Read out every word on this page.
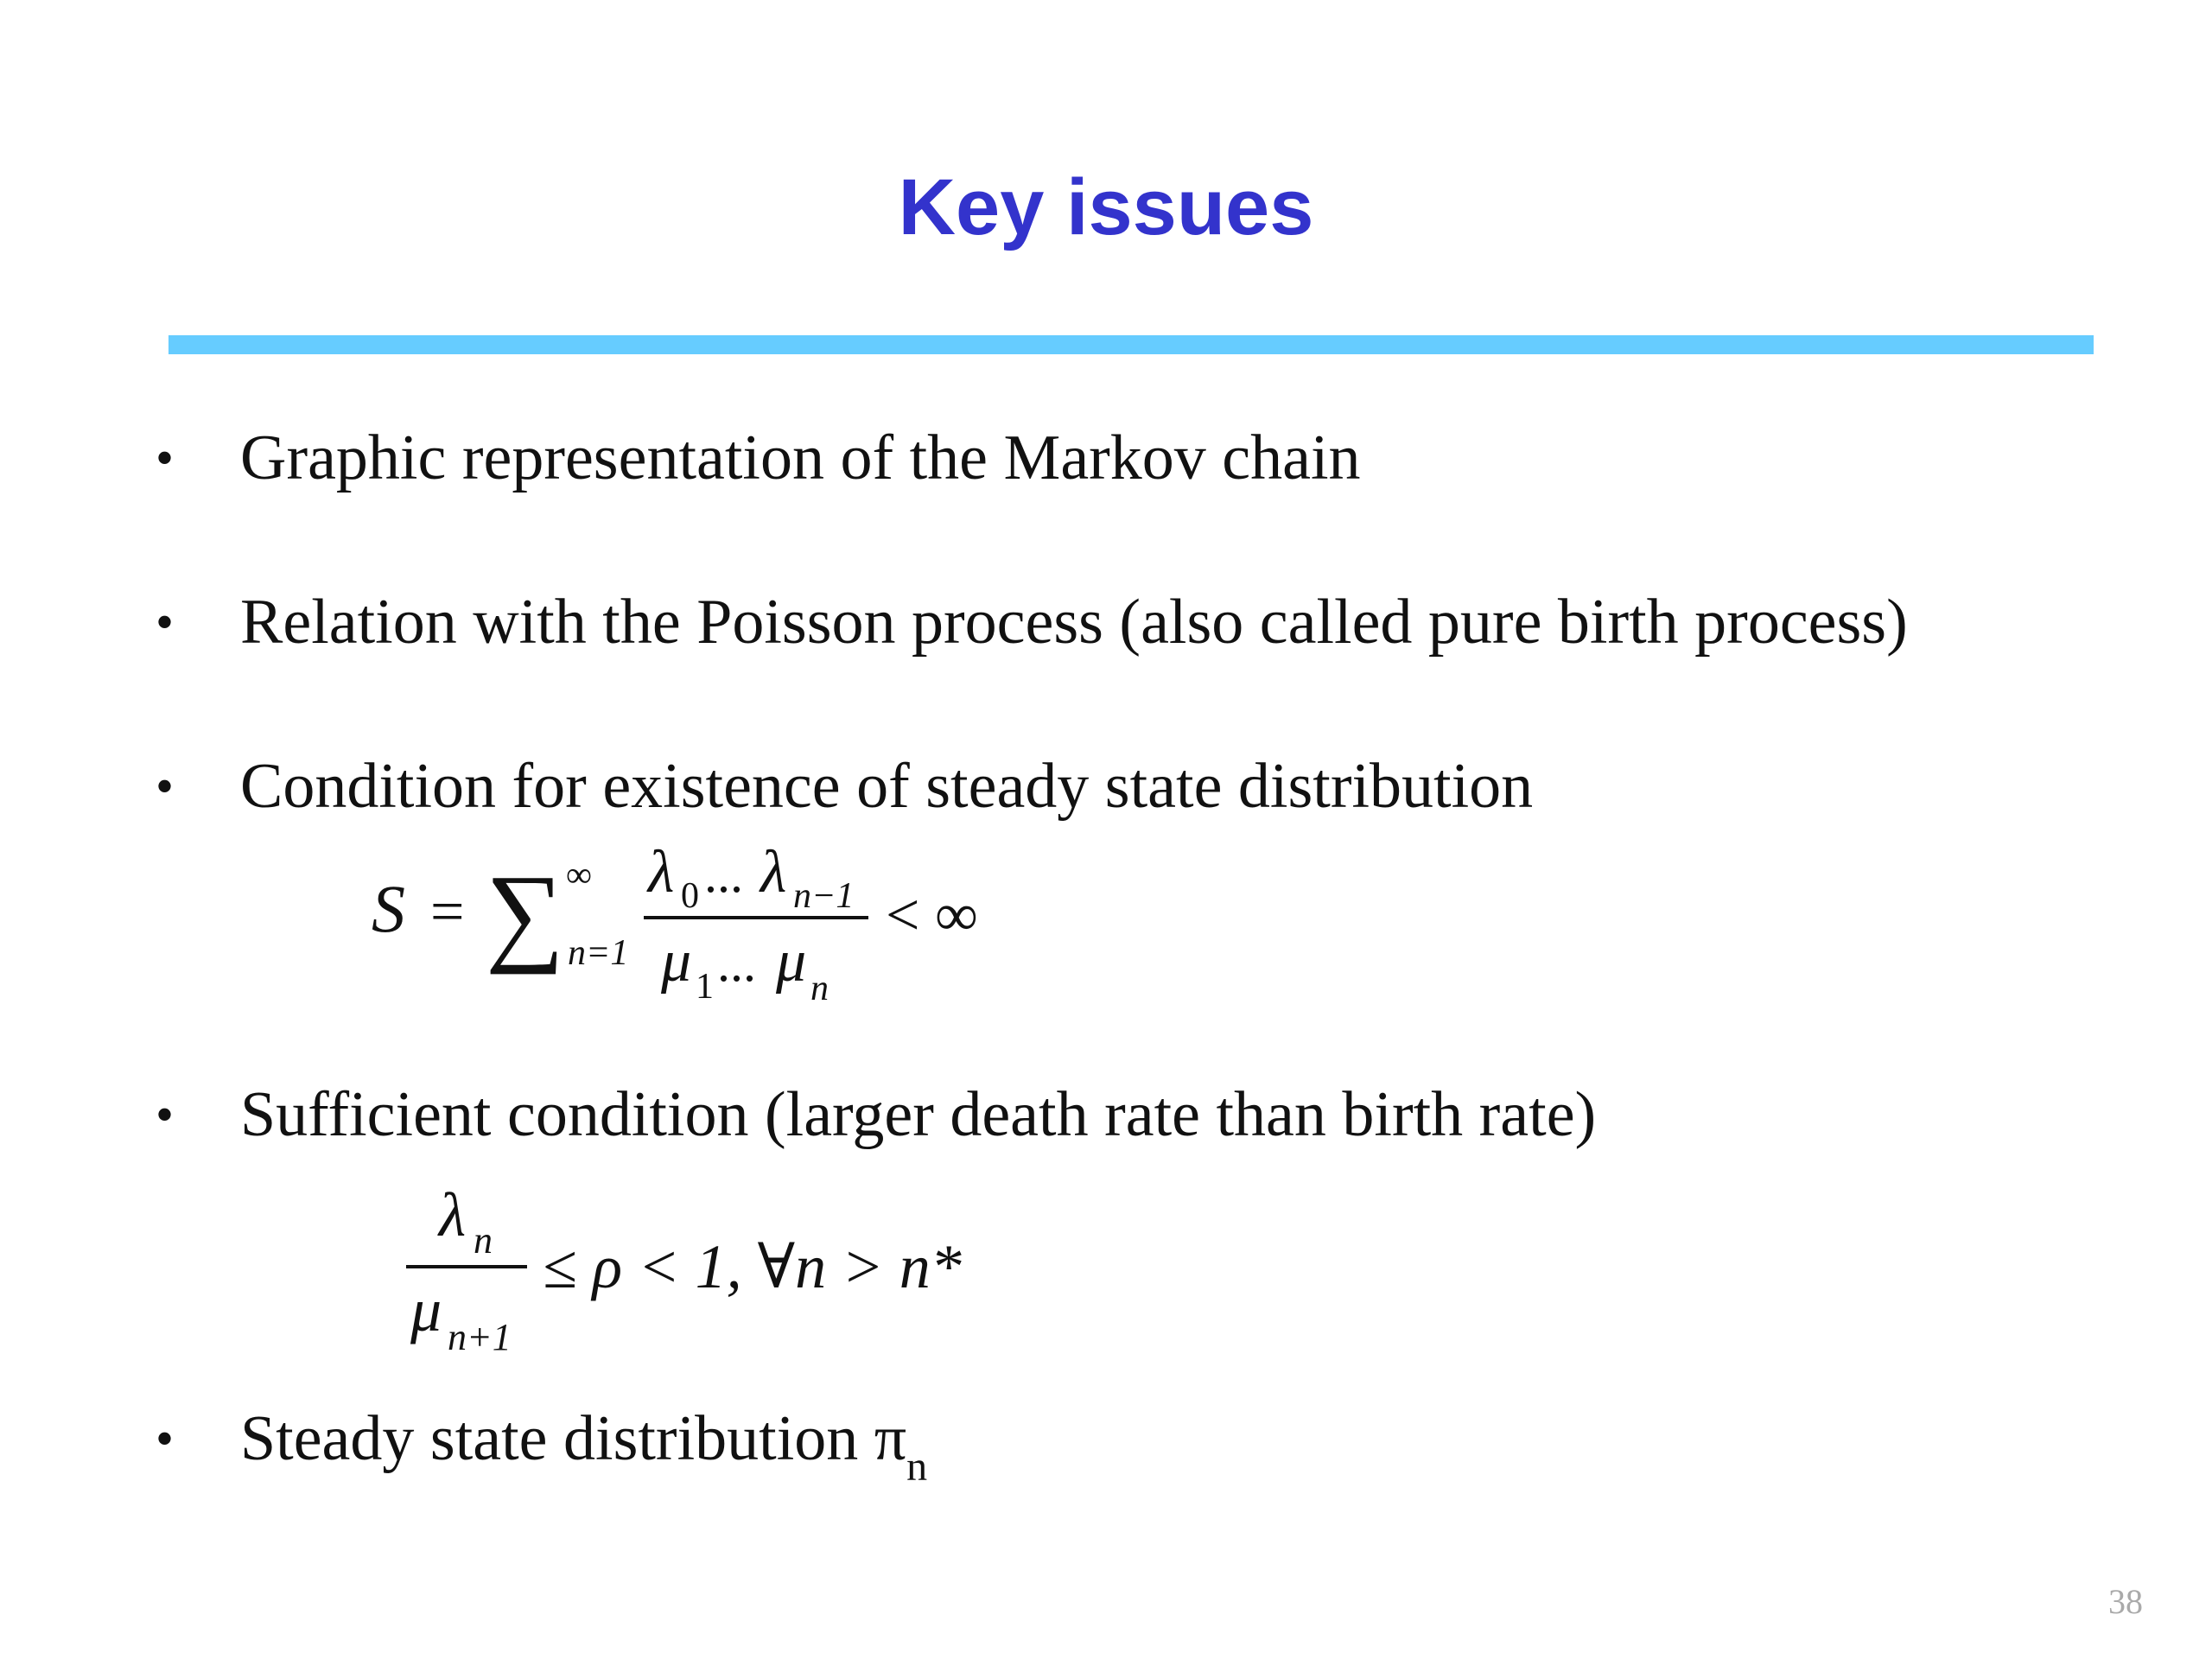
Key issues
• Graphic representation of the Markov chain
• Relation with the Poisson process (also called pure birth process)
• Condition for existence of steady state distribution
S = ∑ ∞
n=1
λ 0 ... λ n−1
μ 1 ... μ n
< ∞
• Sufficient condition (larger death rate than birth rate)
λ n
μ n+1
≤ ρ < 1, ∀n > n*
• Steady state distribution $\pi_n$
38
